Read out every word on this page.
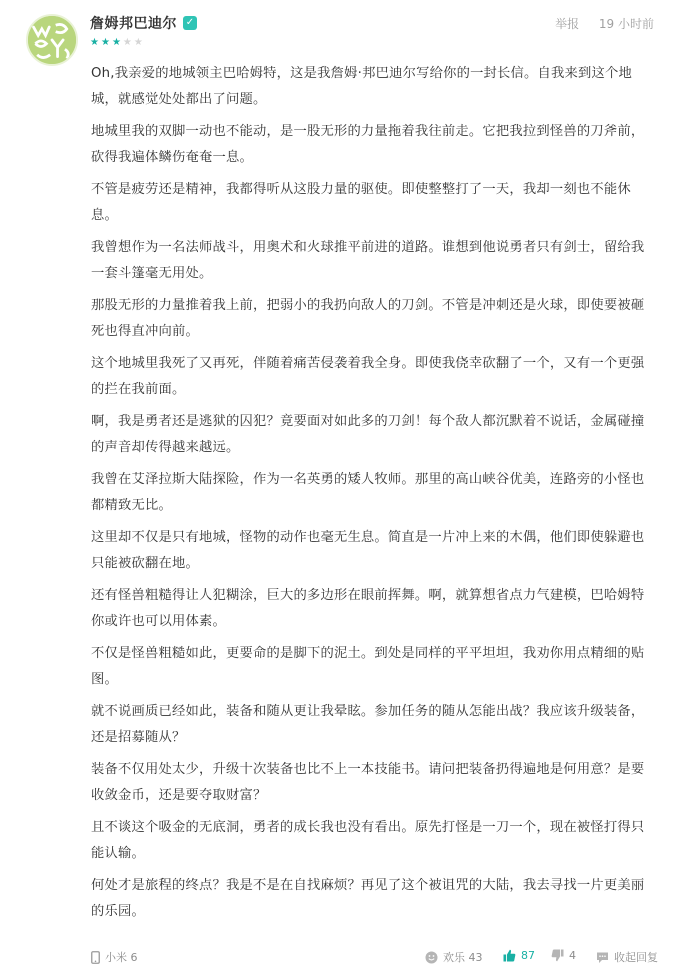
詹姆邦巴迪尔 ✓
★★★★★
举报 19 小时前

Oh,我亲爱的地城领主巴哈姆特，这是我詹姆·邦巴迪尔写给你的一封长信。自我来到这个地城，就感觉处处都出了问题。

地城里我的双脚一动也不能动，是一股无形的力量拖着我往前走。它把我拉到怪兽的刀斧前，砍得我遍体鳞伤奄奄一息。

不管是疲劳还是精神，我都得听从这股力量的驱使。即使整整打了一天，我却一刻也不能休息。

我曾想作为一名法师战斗，用奥术和火球推平前进的道路。谁想到他说勇者只有剑士，留给我一套斗篷毫无用处。

那股无形的力量推着我上前，把弱小的我扔向敌人的刀剑。不管是冲刺还是火球，即使要被砸死也得直冲向前。

这个地城里我死了又再死，伴随着痛苦侵袭着我全身。即使我侥幸砍翻了一个，又有一个更强的拦在我前面。

啊，我是勇者还是逃狱的囚犯？竟要面对如此多的刀剑！每个敌人都沉默着不说话，金属碰撞的声音却传得越来越远。

我曾在艾泽拉斯大陆探险，作为一名英勇的矮人牧师。那里的高山峡谷优美，连路旁的小怪也都精致无比。

这里却不仅是只有地城，怪物的动作也毫无生息。简直是一片冲上来的木偶，他们即使躲避也只能被砍翻在地。

还有怪兽粗糙得让人犯糊涂，巨大的多边形在眼前挥舞。啊，就算想省点力气建模，巴哈姆特你或许也可以用体素。

不仅是怪兽粗糙如此，更要命的是脚下的泥土。到处是同样的平平坦坦，我劝你用点精细的贴图。

就不说画质已经如此，装备和随从更让我晕眩。参加任务的随从怎能出战？我应该升级装备，还是招募随从？

装备不仅用处太少，升级十次装备也比不上一本技能书。请问把装备扔得遍地是何用意？是要收敛金币，还是要夺取财富？

且不谈这个吸金的无底洞，勇者的成长我也没有看出。原先打怪是一刀一个，现在被怪打得只能认输。

何处才是旅程的终点？我是不是在自找麻烦？再见了这个被诅咒的大陆，我去寻找一片更美丽的乐园。

小米 6	欢乐 43	87	4	收起回复
